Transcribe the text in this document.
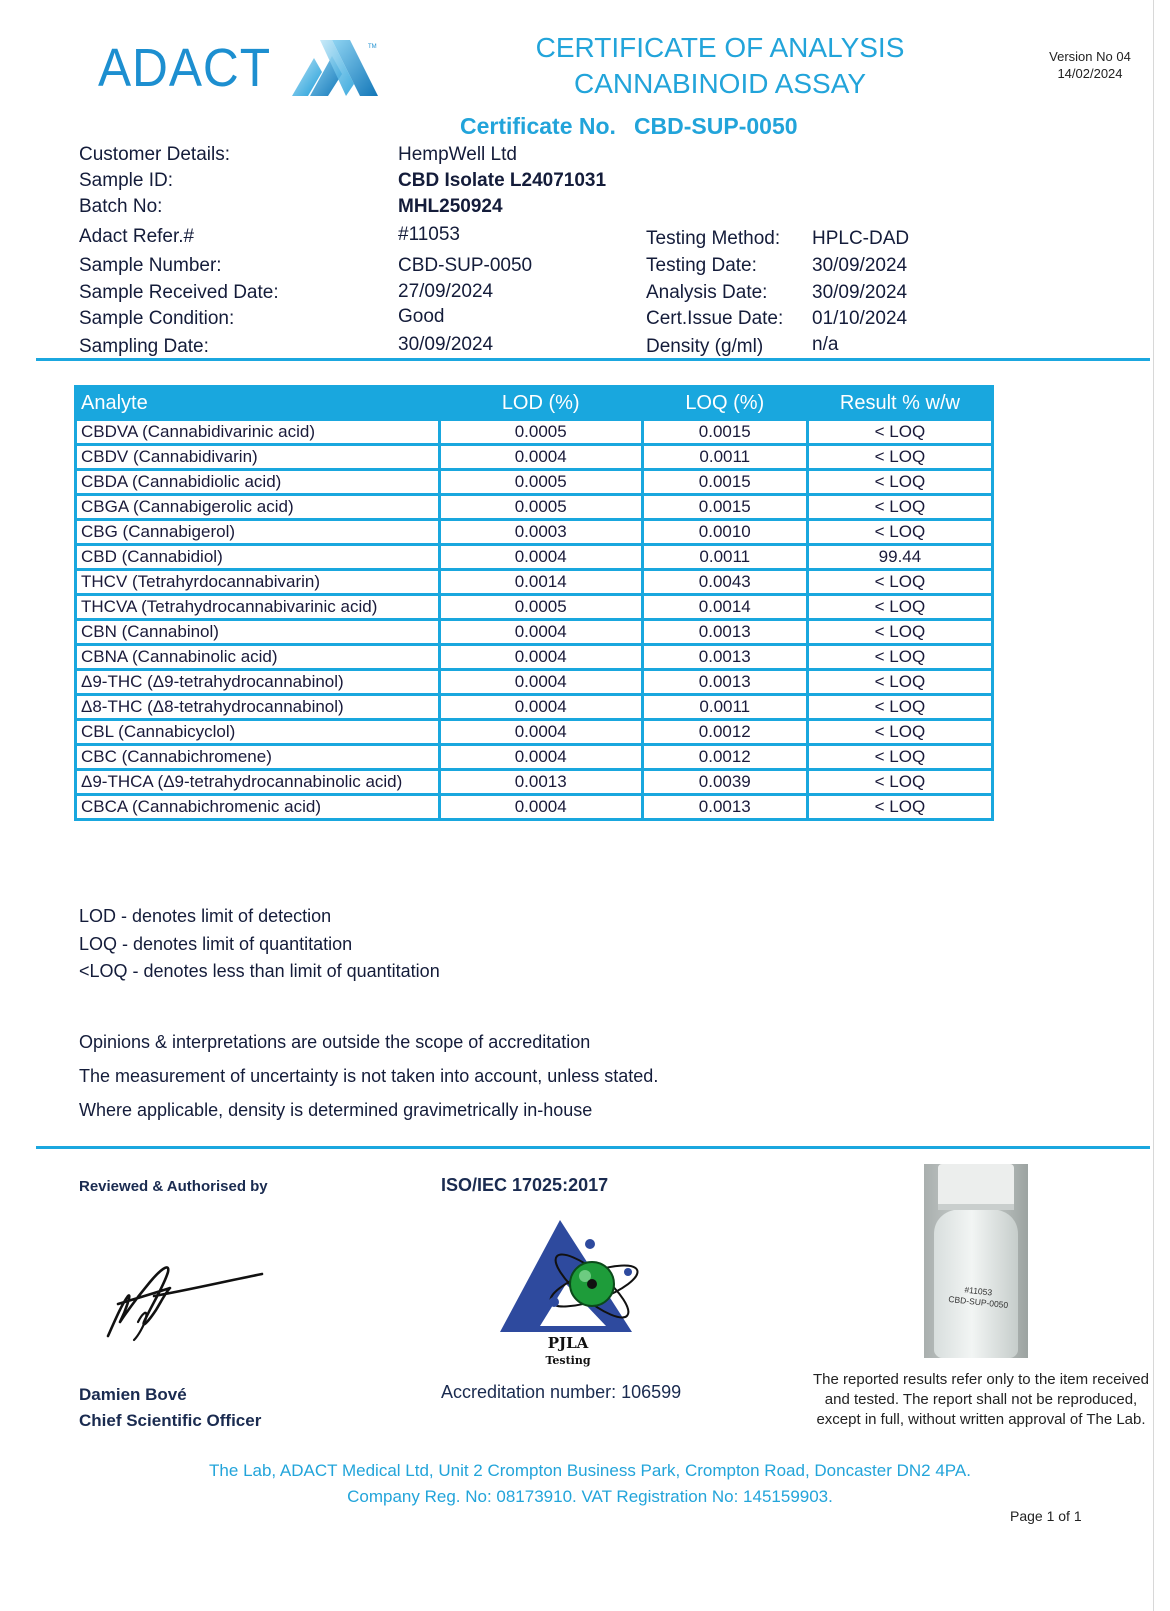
ADACT	TM	CERTIFICATE OF ANALYSIS
CANNABINOID ASSAY
Version No 04
14/02/2024
Certificate No. CBD-SUP-0050
Customer Details:	HempWell Ltd
Sample ID:	CBD Isolate L24071031
Batch No:	MHL250924
Adact Refer.#	#11053
Sample Number:	CBD-SUP-0050
Sample Received Date:	27/09/2024
Sample Condition:	Good
Sampling Date:	30/09/2024
Testing Method: HPLC-DAD
Testing Date:	30/09/2024
Analysis Date: 30/09/2024
Cert.Issue Date: 01/10/2024
Density (g/ml)	n/a
Analyte	LOD (%)	LOQ (%)	Result % w/w
CBDVA (Cannabidivarinic acid)	0.0005	0.0015	< LOQ
CBDV (Cannabidivarin)	0.0004	0.0011	< LOQ
CBDA (Cannabidiolic acid)	0.0005	0.0015	< LOQ
CBGA (Cannabigerolic acid)	0.0005	0.0015	< LOQ
CBG (Cannabigerol)	0.0003	0.0010	< LOQ
CBD (Cannabidiol)	0.0004	0.0011	99.44
THCV (Tetrahyrdocannabivarin)	0.0014	0.0043	< LOQ
THCVA (Tetrahydrocannabivarinic acid)	0.0005	0.0014	< LOQ
CBN (Cannabinol)	0.0004	0.0013	< LOQ
CBNA (Cannabinolic acid)	0.0004	0.0013	< LOQ
Δ9-THC (Δ9-tetrahydrocannabinol)	0.0004	0.0013	< LOQ
Δ8-THC (Δ8-tetrahydrocannabinol)	0.0004	0.0011	< LOQ
CBL (Cannabicyclol)	0.0004	0.0012	< LOQ
CBC (Cannabichromene)	0.0004	0.0012	< LOQ
Δ9-THCA (Δ9-tetrahydrocannabinolic acid)	0.0013	0.0039	< LOQ
CBCA (Cannabichromenic acid)	0.0004	0.0013	< LOQ
LOD - denotes limit of detection
LOQ - denotes limit of quantitation
<LOQ - denotes less than limit of quantitation
Opinions & interpretations are outside the scope of accreditation
The measurement of uncertainty is not taken into account, unless stated.
Where applicable, density is determined gravimetrically in-house
Reviewed & Authorised by
Damien Bové
Chief Scientific Officer
ISO/IEC 17025:2017
PJLA
Testing
Accreditation number: 106599
#11053
CBD-SUP-0050
The reported results refer only to the item received and tested. The report shall not be reproduced, except in full, without written approval of The Lab.
The Lab, ADACT Medical Ltd, Unit 2 Crompton Business Park, Crompton Road, Doncaster DN2 4PA.
Company Reg. No: 08173910. VAT Registration No: 145159903.
Page 1 of 1
